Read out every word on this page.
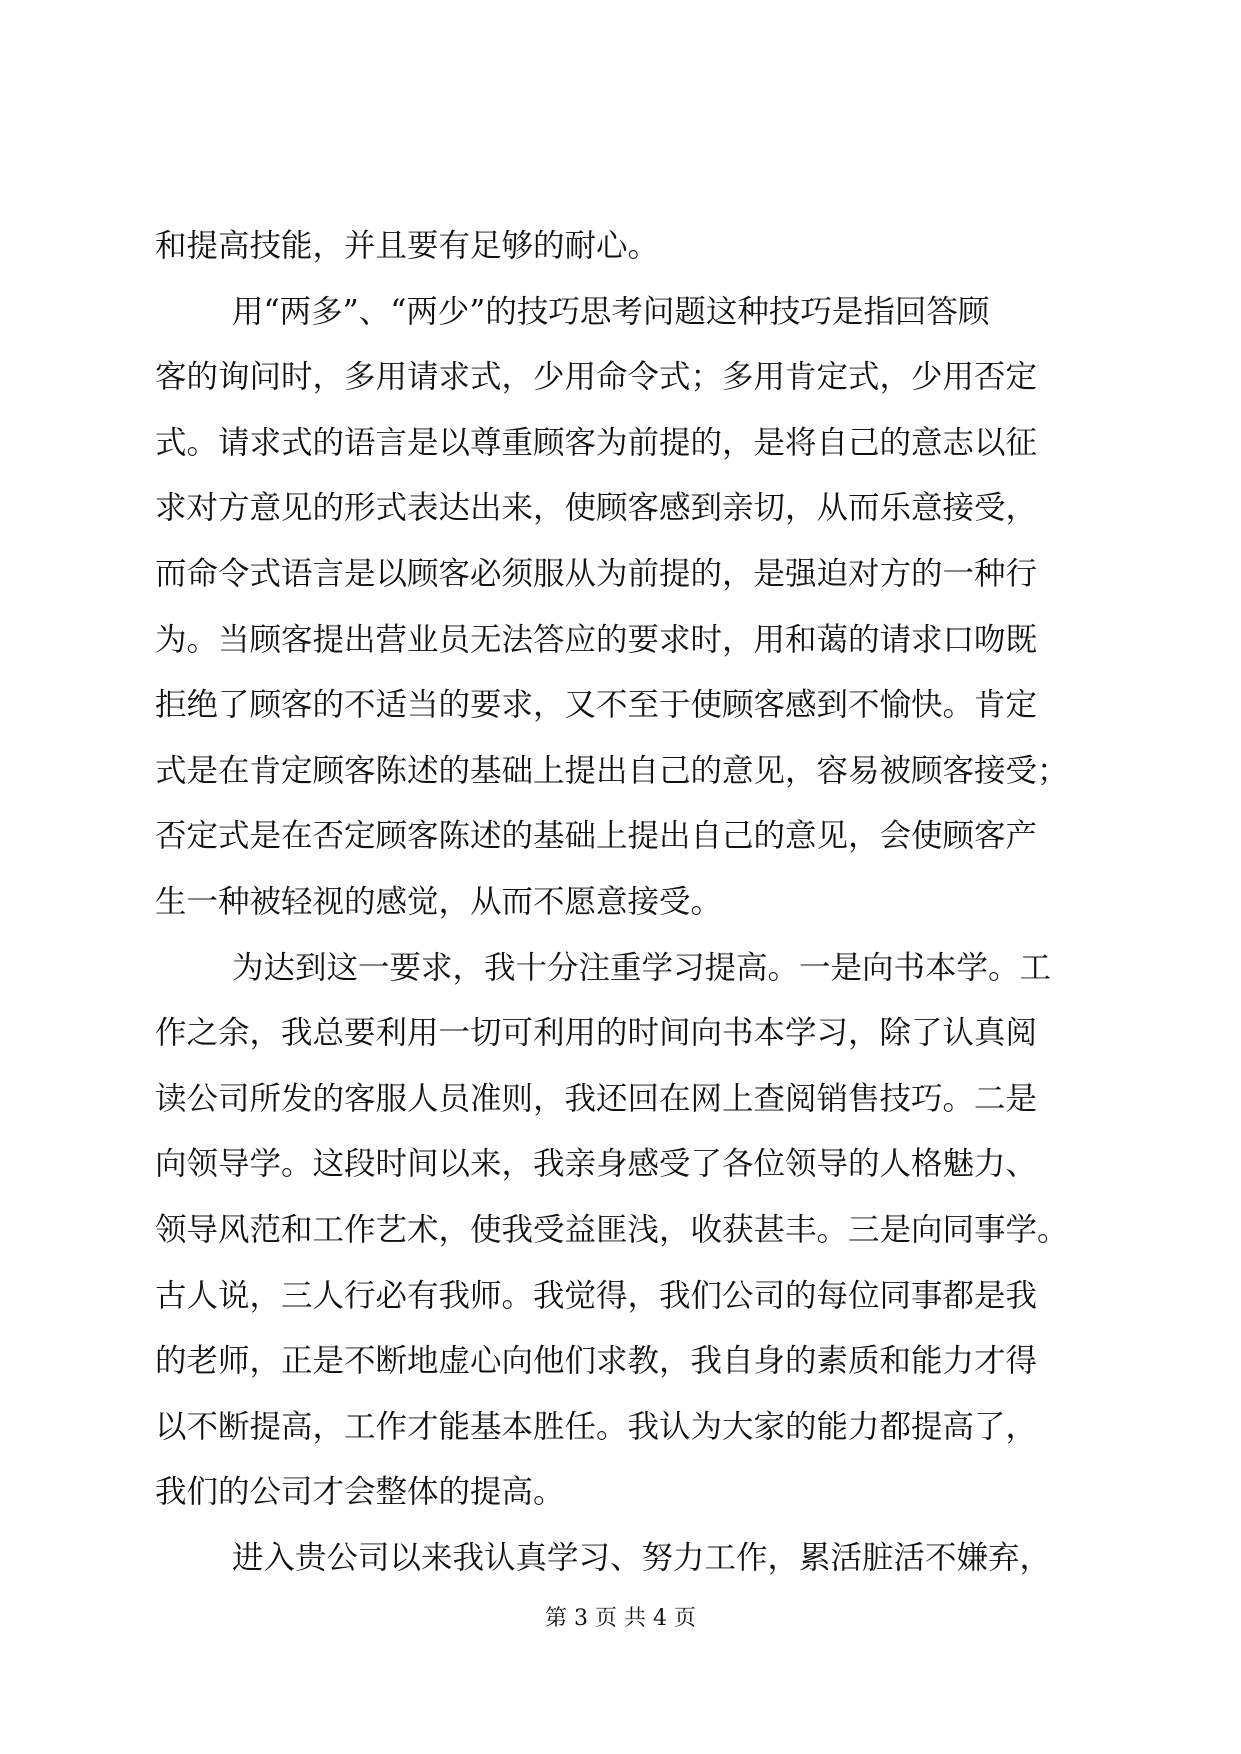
和提高技能，并且要有足够的耐心。
用“两多”、“两少”的技巧思考问题这种技巧是指回答顾
客的询问时，多用请求式，少用命令式；多用肯定式，少用否定
式。请求式的语言是以尊重顾客为前提的，是将自己的意志以征
求对方意见的形式表达出来，使顾客感到亲切，从而乐意接受，
而命令式语言是以顾客必须服从为前提的，是强迫对方的一种行
为。当顾客提出营业员无法答应的要求时，用和蔼的请求口吻既
拒绝了顾客的不适当的要求，又不至于使顾客感到不愉快。肯定
式是在肯定顾客陈述的基础上提出自己的意见，容易被顾客接受；
否定式是在否定顾客陈述的基础上提出自己的意见，会使顾客产
生一种被轻视的感觉，从而不愿意接受。
为达到这一要求，我十分注重学习提高。一是向书本学。工
作之余，我总要利用一切可利用的时间向书本学习，除了认真阅
读公司所发的客服人员准则，我还回在网上查阅销售技巧。二是
向领导学。这段时间以来，我亲身感受了各位领导的人格魅力、
领导风范和工作艺术，使我受益匪浅，收获甚丰。三是向同事学。
古人说，三人行必有我师。我觉得，我们公司的每位同事都是我
的老师，正是不断地虚心向他们求教，我自身的素质和能力才得
以不断提高，工作才能基本胜任。我认为大家的能力都提高了，
我们的公司才会整体的提高。
进入贵公司以来我认真学习、努力工作，累活脏活不嫌弃，
第 3 页 共 4 页
